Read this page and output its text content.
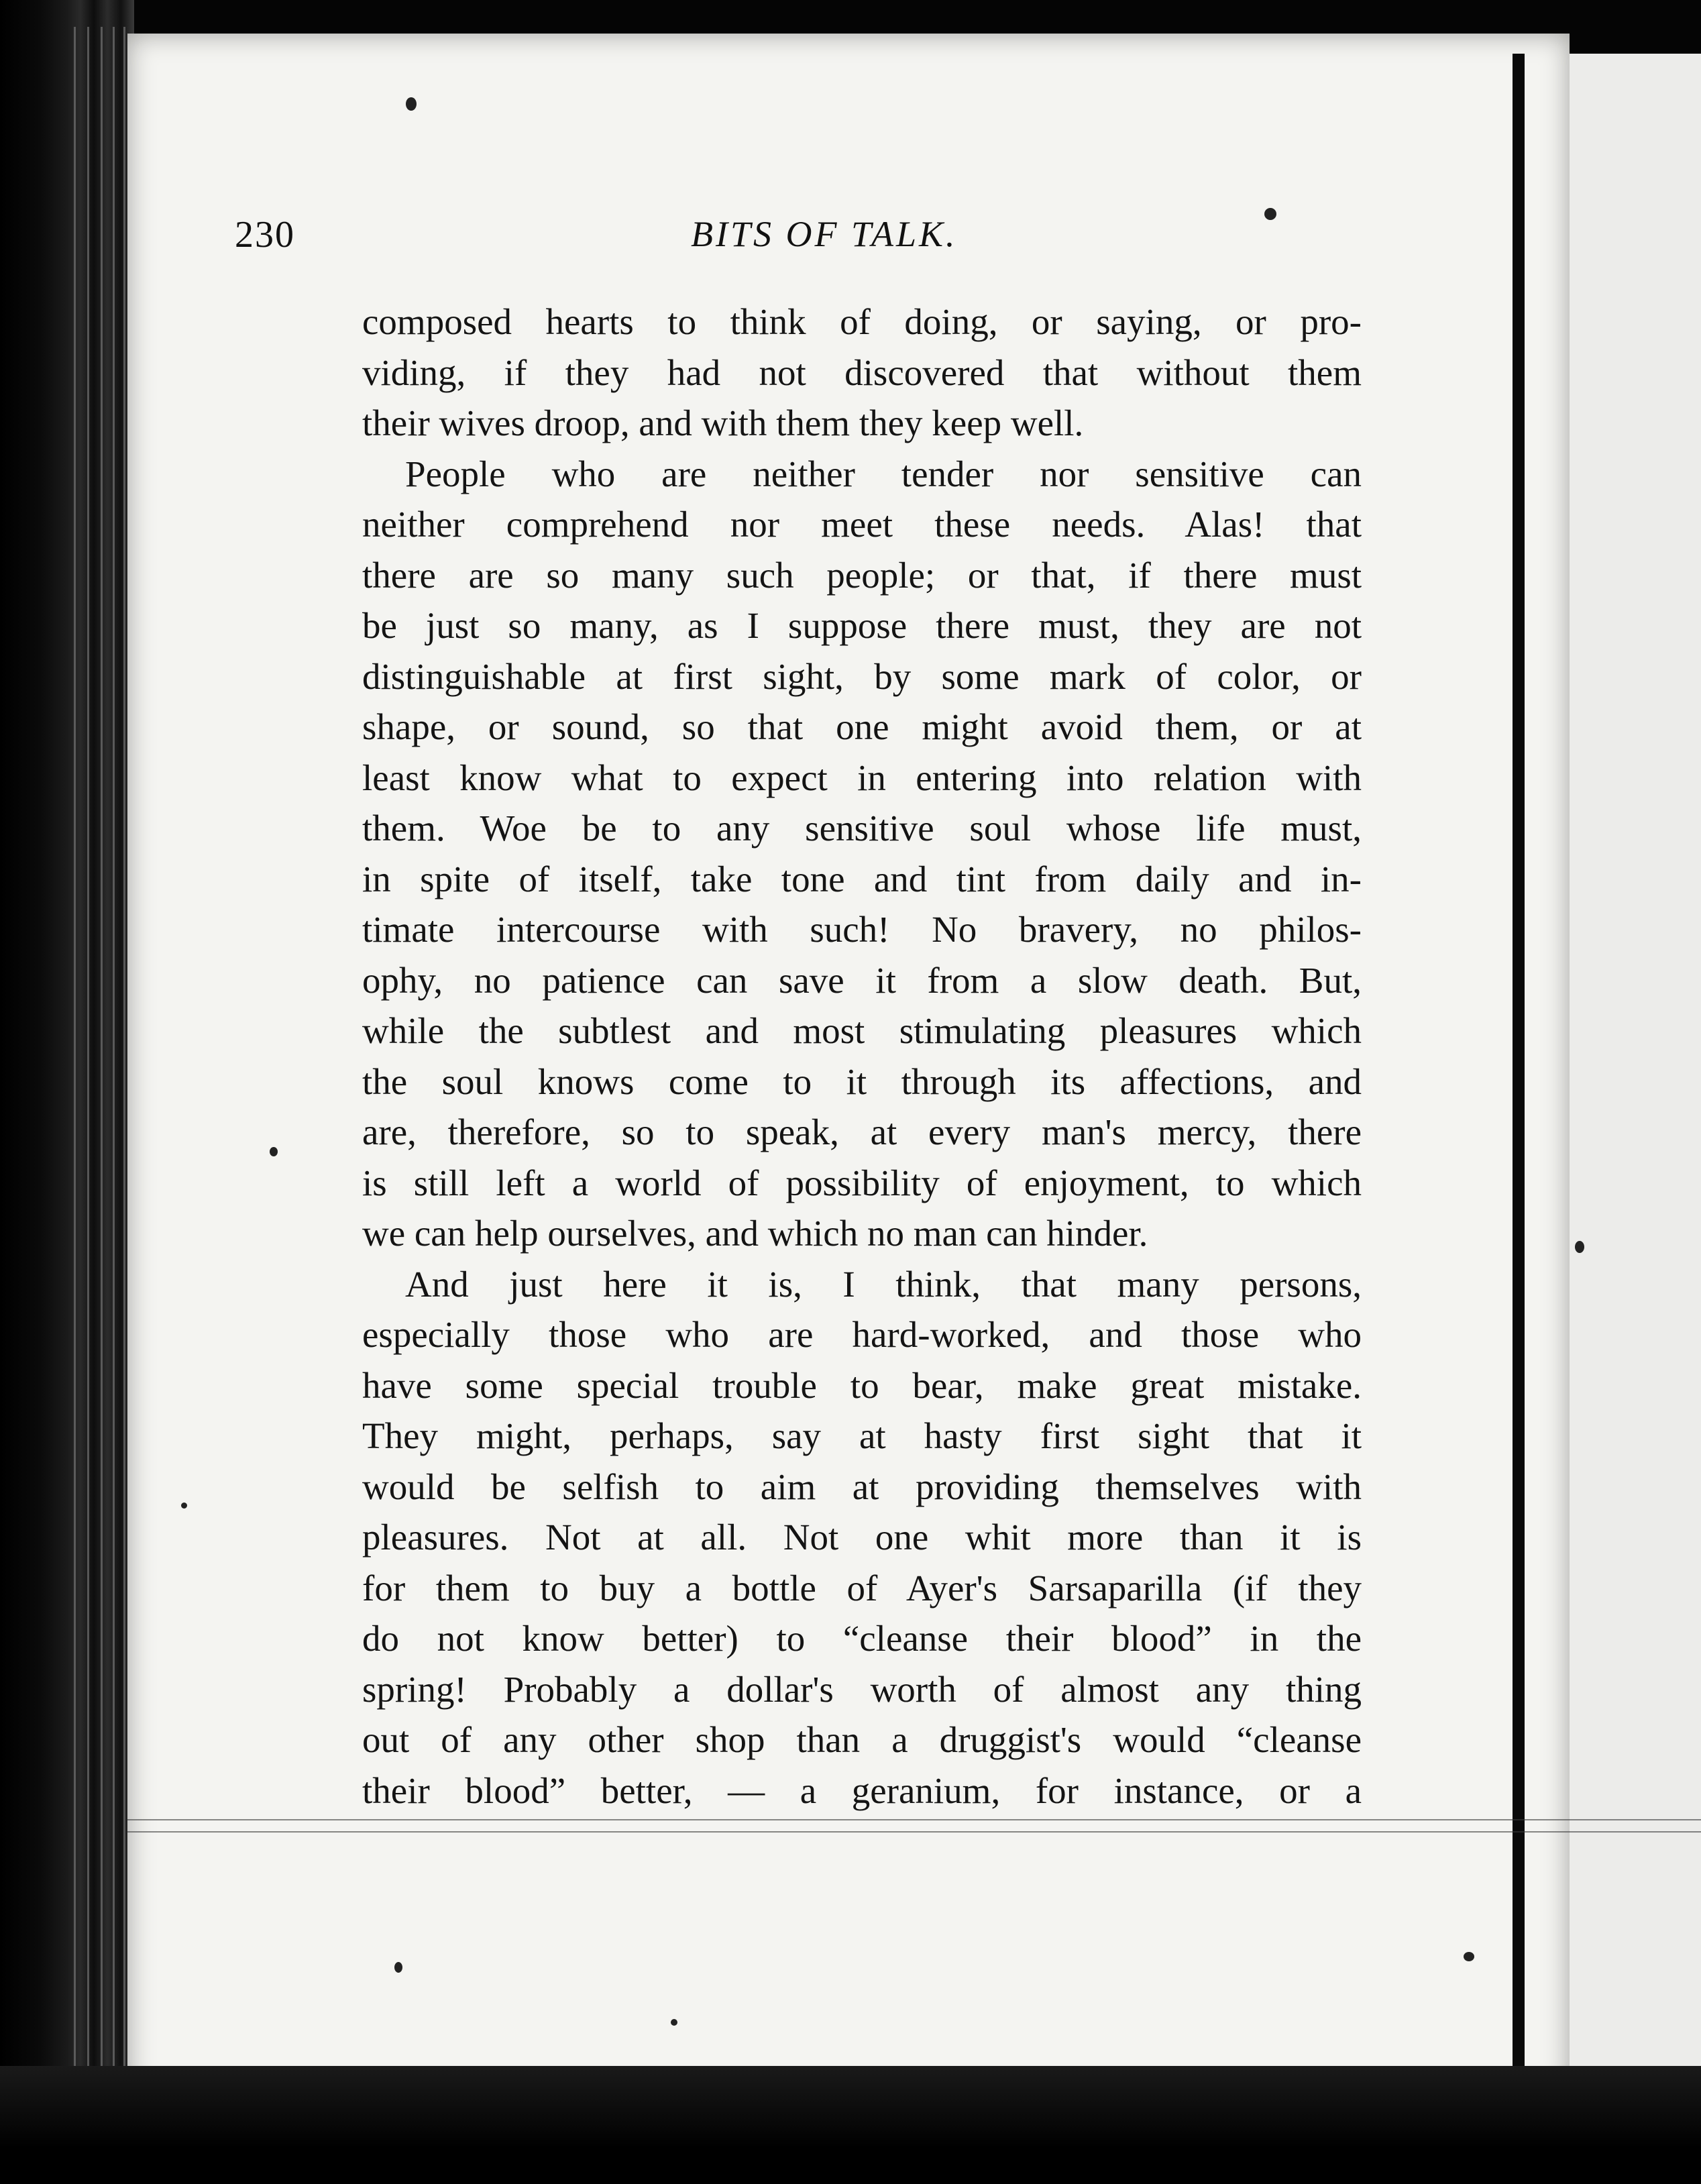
230	BITS OF TALK.
composed hearts to think of doing, or saying, or pro-
viding, if they had not discovered that without them
their wives droop, and with them they keep well.
People who are neither tender nor sensitive can
neither comprehend nor meet these needs. Alas! that
there are so many such people; or that, if there must
be just so many, as I suppose there must, they are not
distinguishable at first sight, by some mark of color, or
shape, or sound, so that one might avoid them, or at
least know what to expect in entering into relation with
them. Woe be to any sensitive soul whose life must,
in spite of itself, take tone and tint from daily and in-
timate intercourse with such! No bravery, no philos-
ophy, no patience can save it from a slow death. But,
while the subtlest and most stimulating pleasures which
the soul knows come to it through its affections, and
are, therefore, so to speak, at every man's mercy, there
is still left a world of possibility of enjoyment, to which
we can help ourselves, and which no man can hinder.
And just here it is, I think, that many persons,
especially those who are hard-worked, and those who
have some special trouble to bear, make great mistake.
They might, perhaps, say at hasty first sight that it
would be selfish to aim at providing themselves with
pleasures. Not at all. Not one whit more than it is
for them to buy a bottle of Ayer's Sarsaparilla (if they
do not know better) to “cleanse their blood” in the
spring! Probably a dollar's worth of almost any thing
out of any other shop than a druggist's would “cleanse
their blood” better, — a geranium, for instance, or a
